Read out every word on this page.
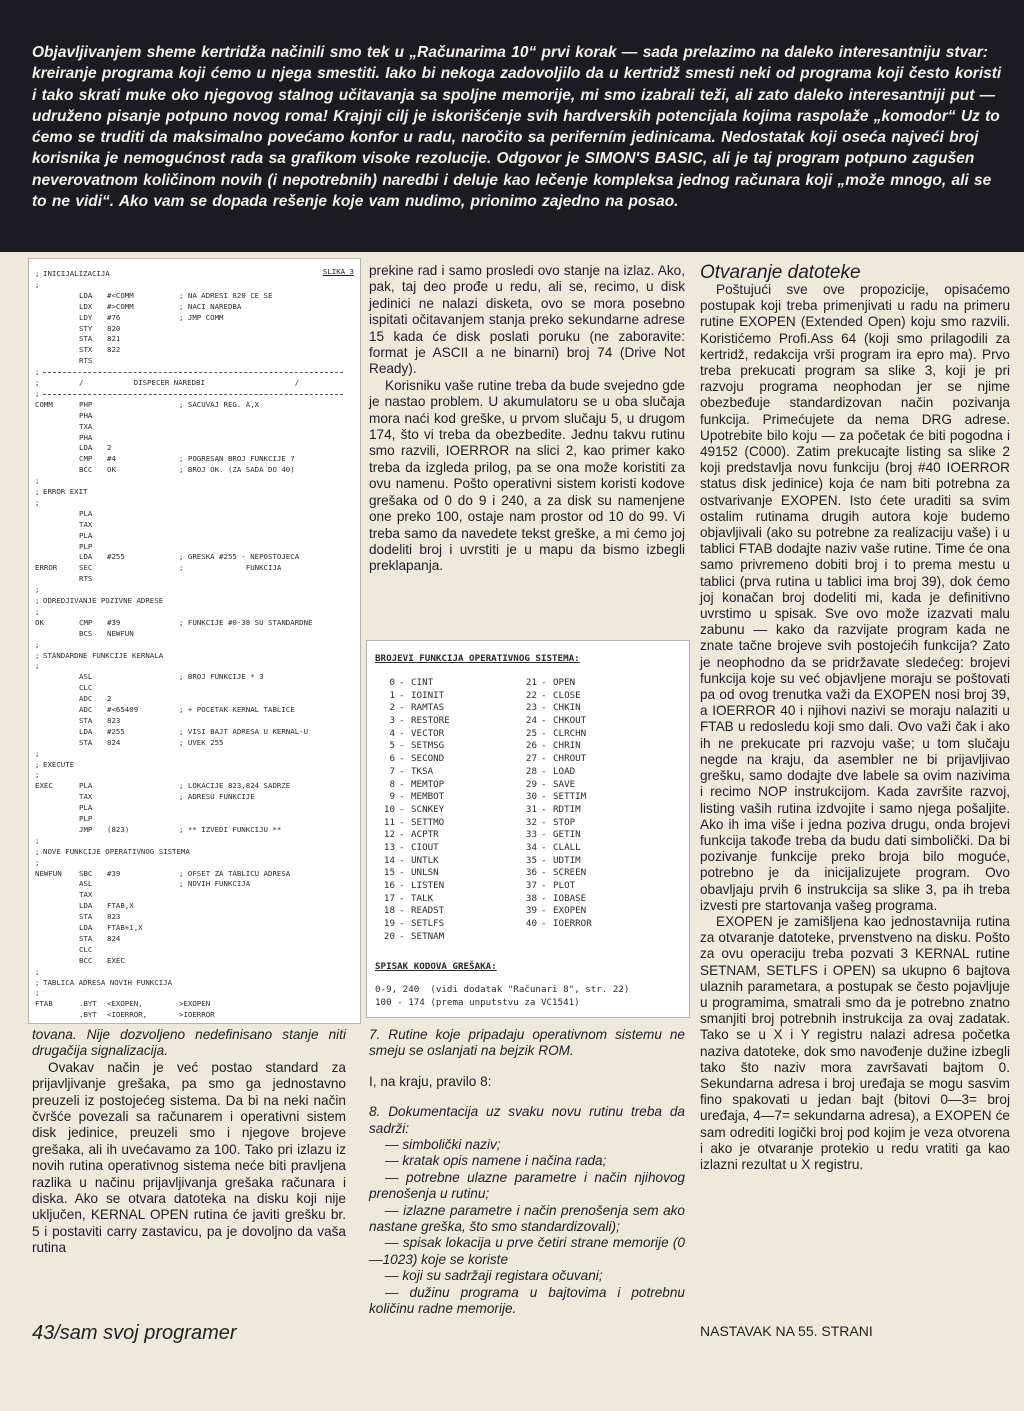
Objavljivanjem sheme kertridža načinili smo tek u „Računarima 10“ prvi korak — sada prelazimo na daleko interesantniju stvar: kreiranje programa koji ćemo u njega smestiti. Iako bi nekoga zadovoljilo da u kertridž smesti neki od programa koji često koristi i tako skrati muke oko njegovog stalnog učitavanja sa spoljne memorije, mi smo izabrali teži, ali zato daleko interesantniji put — udruženo pisanje potpuno novog roma! Krajnji cilj je iskorišćenje svih hardverskih potencijala kojima raspolaže „komodor“ Uz to ćemo se truditi da maksimalno povećamo konfor u radu, naročito sa periferním jedinicama. Nedostatak koji oseća najveći broj korisnika je nemogućnost rada sa grafikom visoke rezolucije. Odgovor je SIMON'S BASIC, ali je taj program potpuno zagušen neverovatnom količinom novih (i nepotrebnih) naredbi i deluje kao lečenje kompleksa jednog računara koji „može mnogo, ali se to ne vidi“. Ako vam se dopada rešenje koje vam nudimo, prionimo zajedno na posao.

SLIKA 3
; INICIJALIZACIJA
;
LDA #<COMM	; NA ADRESI 820 CE SE
LDX #>COMM	; NACI NAREDBA
LDY #76	; JMP COMM
STY 820
STA 821
STX 822
RTS
;
;	/	DISPECER NAREDBI
/
;
COMM	PHP	; SACUVAJ REG. A,X
PHA
TXA
PHA
LDA 2
CMP #4	; POGRESAN BROJ FUNKCIJE ?
BCC OK	; BROJ OK. (ZA SADA DO 40)
;
; ERROR EXIT
;
PLA
TAX
PLA
PLP
LDA #255	; GRESKA #255 - NEPOSTOJECA
ERROR	SEC	;              FUNKCIJA
RTS
;
; ODREDJIVANJE POZIVNE ADRESE
;
OK	CMP #39	; FUNKCIJE #0-38 SU STANDARDNE
BCS NEWFUN
;
; STANDARDNE FUNKCIJE KERNALA
;
ASL	; BROJ FUNKCIJE * 3
CLC
ADC 2
ADC #<65409	; + POCETAK KERNAL TABLICE
STA 823
LDA #255	; VISI BAJT ADRESA U KERNAL-U
STA 824	; UVEK 255
;
; EXECUTE
;
EXEC	PLA	; LOKACIJE 823,824 SADRZE
TAX	; ADRESU FUNKCIJE
PLA
PLP
JMP (823)	; ** IZVEDI FUNKCIJU **
;
; NOVE FUNKCIJE OPERATIVNOG SISTEMA
;
NEWFUN SBC #39	; OFSET ZA TABLICU ADRESA
ASL	; NOVIH FUNKCIJA
TAX
LDA FTAB,X
STA 823
LDA FTAB+1,X
STA 824
CLC
BCC EXEC
;
; TABLICA ADRESA NOVIH FUNKCIJA
;
FTAB	.BYT <EXOPEN,	>EXOPEN
.BYT <IOERROR,	>IOERROR

tovana. Nije dozvoljeno nedefinisano stanje niti drugačija signalizacija.

Ovakav način je već postao standard za prijavljivanje grešaka, pa smo ga jednostavno preuzeli iz postojećeg sistema. Da bi na neki način čvršće povezali sa računarem i operativni sistem disk jedinice, preuzeli smo i njegove brojeve grešaka, ali ih uvećavamo za 100. Tako pri izlazu iz novih rutina operativnog sistema neće biti pravljena razlika u načinu prijavljivanja grešaka računara i diska. Ako se otvara datoteka na disku koji nije uključen, KERNAL OPEN rutina će javiti grešku br. 5 i postaviti carry zastavicu, pa je dovoljno da vaša rutina

prekine rad i samo prosledi ovo stanje na izlaz. Ako, pak, taj deo prođe u redu, ali se, recimo, u disk jedinici ne nalazi disketa, ovo se mora posebno ispitati očitavanjem stanja preko sekundarne adrese 15 kada će disk poslati poruku (ne zaboravite: format je ASCII a ne binarni) broj 74 (Drive Not Ready).

Korisniku vaše rutine treba da bude svejedno gde je nastao problem. U akumulatoru se u oba slučaja mora naći kod greške, u prvom slučaju 5, u drugom 174, što vi treba da obezbedite. Jednu takvu rutinu smo razvili, IOERROR na slici 2, kao primer kako treba da izgleda prilog, pa se ona može koristiti za ovu namenu. Pošto operativni sistem koristi kodove grešaka od 0 do 9 i 240, a za disk su namenjene one preko 100, ostaje nam prostor od 10 do 99. Vi treba samo da navedete tekst greške, a mi ćemo joj dodeliti broj i uvrstiti je u mapu da bismo izbegli preklapanja.

BROJEVI FUNKCIJA OPERATIVNOG SISTEMA:
0 - CINT
1 - IOINIT
2 - RAMTAS
3 - RESTORE
4 - VECTOR
5 - SETMSG
6 - SECOND
7 - TKSA
8 - MEMTOP
9 - MEMBOT
10 - SCNKEY
11 - SETTMO
12 - ACPTR
13 - CIOUT
14 - UNTLK
15 - UNLSN
16 - LISTEN
17 - TALK
18 - READST
19 - SETLFS
20 - SETNAM
21 - OPEN
22 - CLOSE
23 - CHKIN
24 - CHKOUT
25 - CLRCHN
26 - CHRIN
27 - CHROUT
28 - LOAD
29 - SAVE
30 - SETTIM
31 - RDTIM
32 - STOP
33 - GETIN
34 - CLALL
35 - UDTIM
36 - SCREEN
37 - PLOT
38 - IOBASE
39 - EXOPEN
40 - IOERROR
SPISAK KODOVA GREŠAKA:
0-9, 240  (vidi dodatak "Računari 8", str. 22)
100 - 174 (prema unputstvu za VC1541)

7. Rutine koje pripadaju operativnom sistemu ne smeju se oslanjati na bejzik ROM.

I, na kraju, pravilo 8:

8. Dokumentacija uz svaku novu rutinu treba da sadrži:

— simbolički naziv;

— kratak opis namene i načina rada;

— potrebne ulazne parametre i način njihovog prenošenja u rutinu;

— izlazne parametre i način prenošenja sem ako nastane greška, što smo standardizovali);

— spisak lokacija u prve četiri strane memorije (0—1023) koje se koriste

— koji su sadržaji registara očuvani;

— dužinu programa u bajtovima i potrebnu količinu radne memorije.

Otvaranje datoteke

Poštujući sve ove propozicije, opisaćemo postupak koji treba primenjivati u radu na primeru rutine EXOPEN (Extended Open) koju smo razvili. Koristićemo Profi.Ass 64 (koji smo prilagodili za kertridž, redakcija vrši program ira epro ma). Prvo treba prekucati program sa slike 3, koji je pri razvoju programa neophodan jer se njime obezbeđuje standardizovan način pozivanja funkcija. Primećujete da nema DRG adrese. Upotrebite bilo koju — za početak će biti pogodna i 49152 (C000). Zatim prekucajte listing sa slike 2 koji predstavlja novu funkciju (broj #40 IOERROR status disk jedinice) koja će nam biti potrebna za ostvarivanje EXOPEN. Isto ćete uraditi sa svim ostalim rutinama drugih autora koje budemo objavljivali (ako su potrebne za realizaciju vaše) i u tablici FTAB dodajte naziv vaše rutine. Time će ona samo privremeno dobiti broj i to prema mestu u tablici (prva rutina u tablici ima broj 39), dok ćemo joj konačan broj dodeliti mi, kada je definitivno uvrstimo u spisak. Sve ovo može izazvati malu zabunu — kako da razvijate program kada ne znate tačne brojeve svih postojećih funkcija? Zato je neophodno da se pridržavate sledećeg: brojevi funkcija koje su već objavljene moraju se poštovati pa od ovog trenutka važi da EXOPEN nosi broj 39, a IOERROR 40 i njihovi nazivi se moraju nalaziti u FTAB u redosledu koji smo dali. Ovo važi čak i ako ih ne prekucate pri razvoju vaše; u tom slučaju negde na kraju, da asembler ne bi prijavljivao grešku, samo dodajte dve labele sa ovim nazivima i recimo NOP instrukcijom. Kada završite razvoj, listing vaših rutina izdvojite i samo njega pošaljite. Ako ih ima više i jedna poziva drugu, onda brojevi funkcija takođe treba da budu dati simbolički. Da bi pozivanje funkcije preko broja bilo moguće, potrebno je da inicijalizujete program. Ovo obavljaju prvih 6 instrukcija sa slike 3, pa ih treba izvesti pre startovanja vašeg programa.

EXOPEN je zamišljena kao jednostavnija rutina za otvaranje datoteke, prvenstveno na disku. Pošto za ovu operaciju treba pozvati 3 KERNAL rutine SETNAM, SETLFS i OPEN) sa ukupno 6 bajtova ulaznih parametara, a postupak se često pojavljuje u programima, smatrali smo da je potrebno znatno smanjiti broj potrebnih instrukcija za ovaj zadatak. Tako se u X i Y registru nalazi adresa početka naziva datoteke, dok smo navođenje dužine izbegli tako što naziv mora završavati bajtom 0. Sekundarna adresa i broj uređaja se mogu sasvim fino spakovati u jedan bajt (bitovi 0—3= broj uređaja, 4—7= sekundarna adresa), a EXOPEN će sam odrediti logički broj pod kojim je veza otvorena i ako je otvaranje protekio u redu vratiti ga kao izlazni rezultat u X registru.

43/sam svoj programer	NASTAVAK NA 55. STRANI
